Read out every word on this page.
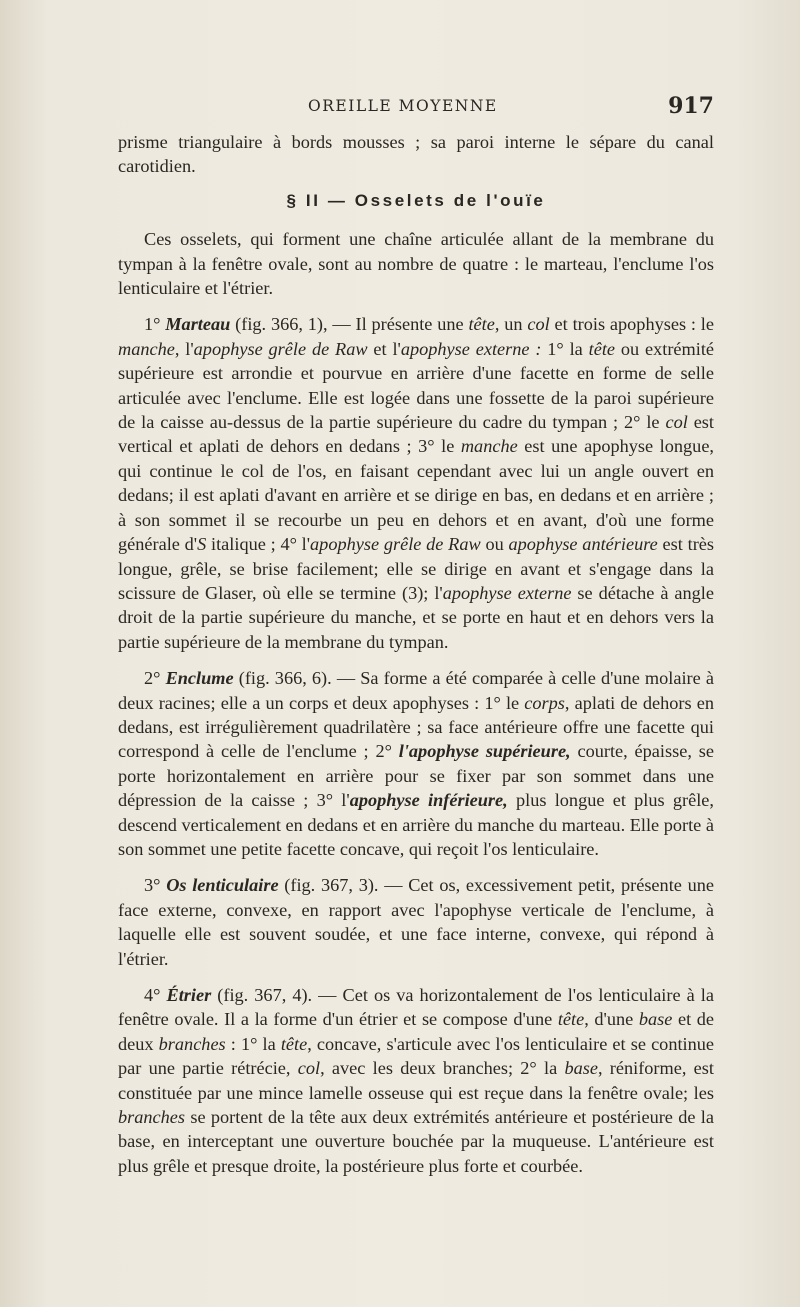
OREILLE MOYENNE	917

prisme triangulaire à bords mousses ; sa paroi interne le sépare du canal carotidien.

§ II — Osselets de l'ouïe

Ces osselets, qui forment une chaîne articulée allant de la membrane du tympan à la fenêtre ovale, sont au nombre de quatre : le marteau, l'enclume l'os lenticulaire et l'étrier.

1° Marteau (fig. 366, 1), — Il présente une tête, un col et trois apophyses : le manche, l'apophyse grêle de Raw et l'apophyse externe : 1° la tête ou extrémité supérieure est arrondie et pourvue en arrière d'une facette en forme de selle articulée avec l'enclume. Elle est logée dans une fossette de la paroi supérieure de la caisse au-dessus de la partie supérieure du cadre du tympan ; 2° le col est vertical et aplati de dehors en dedans ; 3° le manche est une apophyse longue, qui continue le col de l'os, en faisant cependant avec lui un angle ouvert en dedans; il est aplati d'avant en arrière et se dirige en bas, en dedans et en arrière ; à son sommet il se recourbe un peu en dehors et en avant, d'où une forme générale d'S italique ; 4° l'apophyse grêle de Raw ou apophyse antérieure est très longue, grêle, se brise facilement; elle se dirige en avant et s'engage dans la scissure de Glaser, où elle se termine (3); l'apophyse externe se détache à angle droit de la partie supérieure du manche, et se porte en haut et en dehors vers la partie supérieure de la membrane du tympan.

2° Enclume (fig. 366, 6). — Sa forme a été comparée à celle d'une molaire à deux racines; elle a un corps et deux apophyses : 1° le corps, aplati de dehors en dedans, est irrégulièrement quadrilatère ; sa face antérieure offre une facette qui correspond à celle de l'enclume ; 2° l'apophyse supérieure, courte, épaisse, se porte horizontalement en arrière pour se fixer par son sommet dans une dépression de la caisse ; 3° l'apophyse inférieure, plus longue et plus grêle, descend verticalement en dedans et en arrière du manche du marteau. Elle porte à son sommet une petite facette concave, qui reçoit l'os lenticulaire.

3° Os lenticulaire (fig. 367, 3). — Cet os, excessivement petit, présente une face externe, convexe, en rapport avec l'apophyse verticale de l'enclume, à laquelle elle est souvent soudée, et une face interne, convexe, qui répond à l'étrier.

4° Étrier (fig. 367, 4). — Cet os va horizontalement de l'os lenticulaire à la fenêtre ovale. Il a la forme d'un étrier et se compose d'une tête, d'une base et de deux branches : 1° la tête, concave, s'articule avec l'os lenticulaire et se continue par une partie rétrécie, col, avec les deux branches; 2° la base, réniforme, est constituée par une mince lamelle osseuse qui est reçue dans la fenêtre ovale; les branches se portent de la tête aux deux extrémités antérieure et postérieure de la base, en interceptant une ouverture bouchée par la muqueuse. L'antérieure est plus grêle et presque droite, la postérieure plus forte et courbée.
